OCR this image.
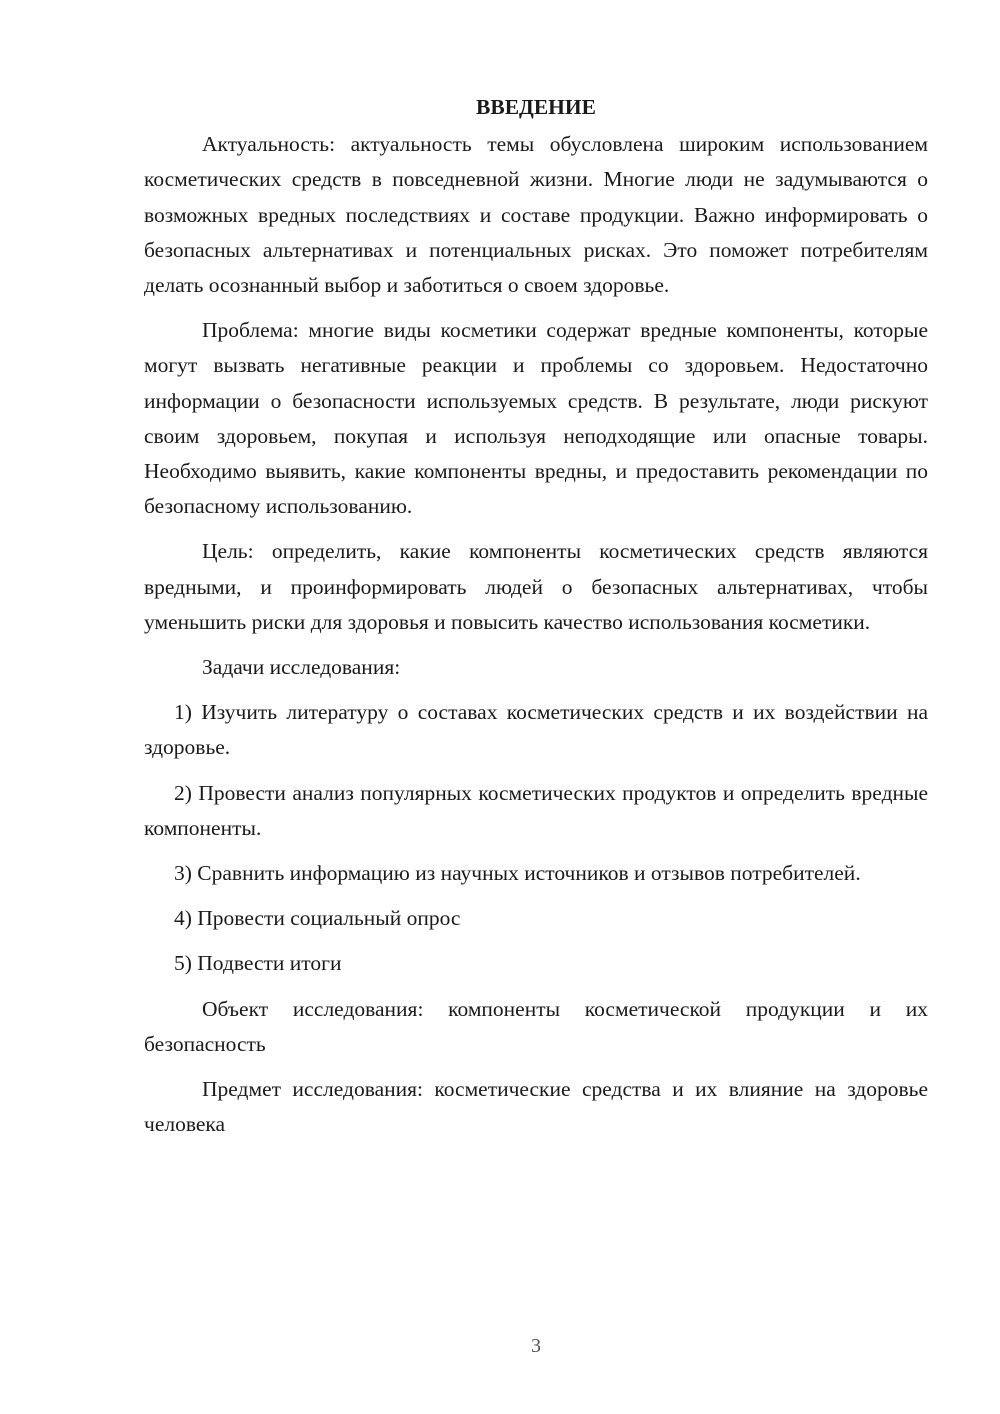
ВВЕДЕНИЕ

Актуальность: актуальность темы обусловлена широким использованием косметических средств в повседневной жизни. Многие люди не задумываются о возможных вредных последствиях и составе продукции. Важно информировать о безопасных альтернативах и потенциальных рисках. Это поможет потребителям делать осознанный выбор и заботиться о своем здоровье.

Проблема: многие виды косметики содержат вредные компоненты, которые могут вызвать негативные реакции и проблемы со здоровьем. Недостаточно информации о безопасности используемых средств. В результате, люди рискуют своим здоровьем, покупая и используя неподходящие или опасные товары. Необходимо выявить, какие компоненты вредны, и предоставить рекомендации по безопасному использованию.

Цель: определить, какие компоненты косметических средств являются вредными, и проинформировать людей о безопасных альтернативах, чтобы уменьшить риски для здоровья и повысить качество использования косметики.

Задачи исследования:

1) Изучить литературу о составах косметических средств и их воздействии на здоровье.

2) Провести анализ популярных косметических продуктов и определить вредные компоненты.

3) Сравнить информацию из научных источников и отзывов потребителей.

4) Провести социальный опрос

5) Подвести итоги

Объект исследования: компоненты косметической продукции и их безопасность

Предмет исследования: косметические средства и их влияние на здоровье человека

3
